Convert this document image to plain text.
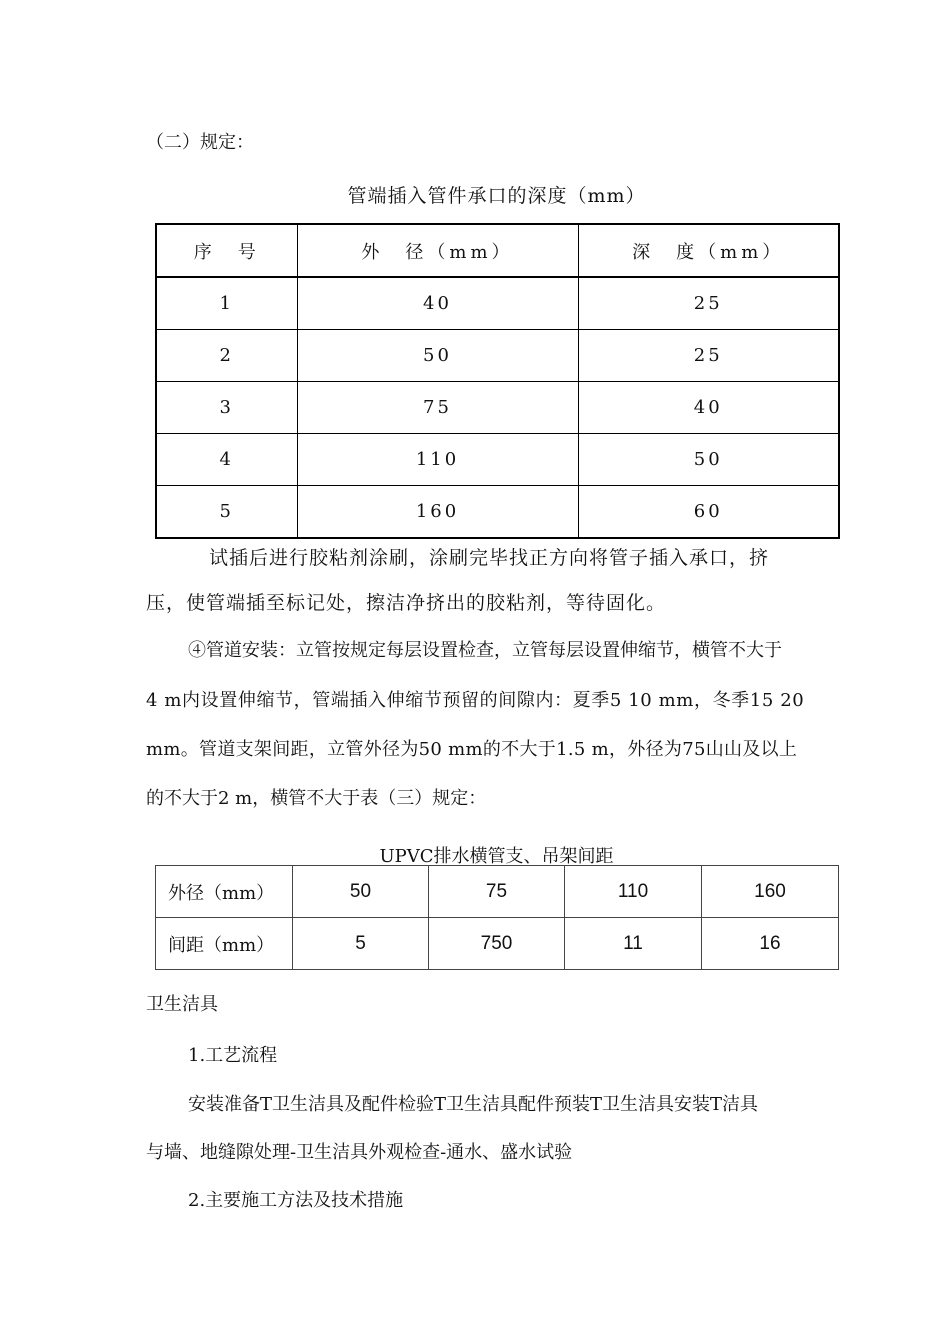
（二）规定：
管端插入管件承口的深度（mm）
序　号	外　径（mm）	深　度（mm）
1	40	25
2	50	25
3	75	40
4	110	50
5	160	60
试插后进行胶粘剂涂刷，涂刷完毕找正方向将管子插入承口，挤
压，使管端插至标记处，擦洁净挤出的胶粘剂，等待固化。
④管道安装：立管按规定每层设置检查，立管每层设置伸缩节，横管不大于
4 m内设置伸缩节，管端插入伸缩节预留的间隙内：夏季5 10 mm，冬季15 20
mm。管道支架间距，立管外径为50 mm的不大于1.5 m，外径为75山山及以上
的不大于2 m，横管不大于表（三）规定：
UPVC排水横管支、吊架间距
外径（mm）	50	75	110	160
间距（mm）	5	750	11	16
卫生洁具
1.工艺流程
安装准备T卫生洁具及配件检验T卫生洁具配件预装T卫生洁具安装T洁具
与墙、地缝隙处理-卫生洁具外观检查-通水、盛水试验
2.主要施工方法及技术措施
